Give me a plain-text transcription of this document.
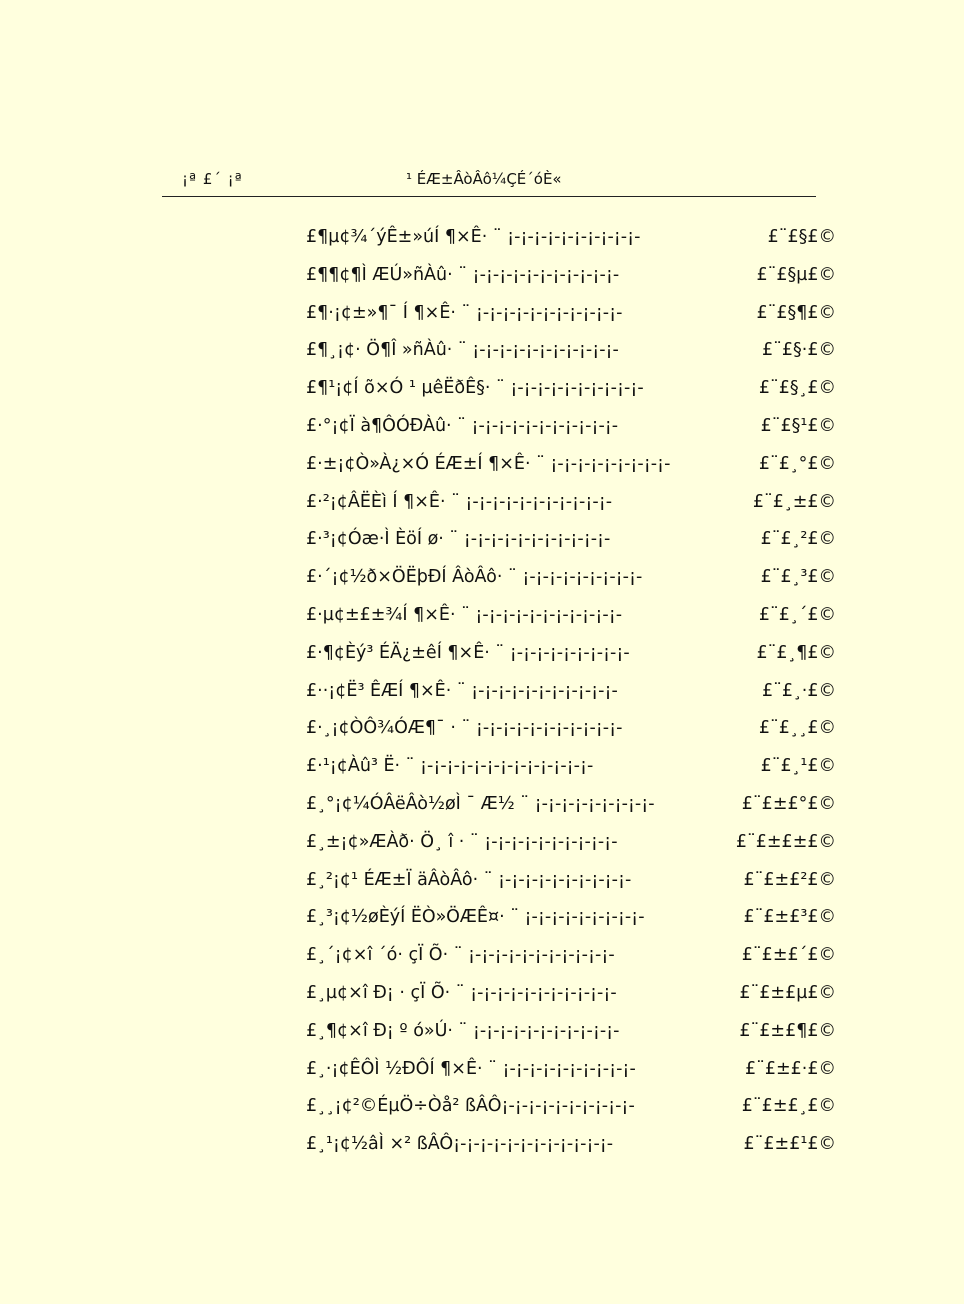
¡ª £´ ¡ª	¹ ÉÆ±ÂòÂô¼ÇÉ´óÈ«
£¶µ¢¾´ýÊ±»úÍ ¶×Ê· ¨ ¡-¡-¡-¡-¡-¡-¡-¡-¡-¡-	£¨£§£©
£¶¶¢¶Ì ÆÚ»ñÀû· ¨ ¡-¡-¡-¡-¡-¡-¡-¡-¡-¡-¡-	£¨£§µ£©
£¶·¡¢±»¶¯ Í ¶×Ê· ¨ ¡-¡-¡-¡-¡-¡-¡-¡-¡-¡-¡-	£¨£§¶£©
£¶¸¡¢· Ö¶Î »ñÀû· ¨ ¡-¡-¡-¡-¡-¡-¡-¡-¡-¡-¡-	£¨£§·£©
£¶¹¡¢Í õ×Ó ¹ µêËðÊ§· ¨ ¡-¡-¡-¡-¡-¡-¡-¡-¡-¡-	£¨£§¸£©
£·°¡¢Ï à¶ÔÓÐÀû· ¨ ¡-¡-¡-¡-¡-¡-¡-¡-¡-¡-¡-	£¨£§¹£©
£·±¡¢Ò»À¿×Ó ÉÆ±Í ¶×Ê· ¨ ¡-¡-¡-¡-¡-¡-¡-¡-¡-	£¨£¸°£©
£·²¡¢ÂËÈì Í ¶×Ê· ¨ ¡-¡-¡-¡-¡-¡-¡-¡-¡-¡-¡-	£¨£¸±£©
£·³¡¢Óæ·Ì ÈöÍ ø· ¨ ¡-¡-¡-¡-¡-¡-¡-¡-¡-¡-¡-	£¨£¸²£©
£·´¡¢½ð×ÖËþÐÍ ÂòÂô· ¨ ¡-¡-¡-¡-¡-¡-¡-¡-¡-	£¨£¸³£©
£·µ¢±£±¾Í ¶×Ê· ¨ ¡-¡-¡-¡-¡-¡-¡-¡-¡-¡-¡-	£¨£¸´£©
£·¶¢Èý³ ÉÄ¿±êÍ ¶×Ê· ¨ ¡-¡-¡-¡-¡-¡-¡-¡-¡-	£¨£¸¶£©
£··¡¢Ë³ ÊÆÍ ¶×Ê· ¨ ¡-¡-¡-¡-¡-¡-¡-¡-¡-¡-¡-	£¨£¸·£©
£·¸¡¢ÒÔ¾ÓÆ¶¯ · ¨ ¡-¡-¡-¡-¡-¡-¡-¡-¡-¡-¡-	£¨£¸¸£©
£·¹¡¢Àû³ Ë· ¨ ¡-¡-¡-¡-¡-¡-¡-¡-¡-¡-¡-¡-¡-	£¨£¸¹£©
£¸°¡¢¼ÓÂëÂò½øÌ ¯ Æ½ ¨ ¡-¡-¡-¡-¡-¡-¡-¡-¡-	£¨£±£°£©
£¸±¡¢»ÆÀð· Ö¸ î · ¨ ¡-¡-¡-¡-¡-¡-¡-¡-¡-¡-	£¨£±£±£©
£¸²¡¢¹ ÉÆ±Ï äÂòÂô· ¨ ¡-¡-¡-¡-¡-¡-¡-¡-¡-¡-	£¨£±£²£©
£¸³¡¢½øÈýÍ ËÒ»ÖÆÊ¤· ¨ ¡-¡-¡-¡-¡-¡-¡-¡-¡-	£¨£±£³£©
£¸´¡¢×î ´ó· çÏ Õ· ¨ ¡-¡-¡-¡-¡-¡-¡-¡-¡-¡-¡-	£¨£±£´£©
£¸µ¢×î Ð¡ · çÏ Õ· ¨ ¡-¡-¡-¡-¡-¡-¡-¡-¡-¡-¡-	£¨£±£µ£©
£¸¶¢×î Ð¡ º ó»Ú· ¨ ¡-¡-¡-¡-¡-¡-¡-¡-¡-¡-¡-	£¨£±£¶£©
£¸·¡¢ÊÔÌ ½ÐÔÍ ¶×Ê· ¨ ¡-¡-¡-¡-¡-¡-¡-¡-¡-¡-	£¨£±£·£©
£¸¸¡¢²©ÉµÖ÷Òå² ßÂÔ¡-¡-¡-¡-¡-¡-¡-¡-¡-¡-	£¨£±£¸£©
£¸¹¡¢½âÌ ×² ßÂÔ¡-¡-¡-¡-¡-¡-¡-¡-¡-¡-¡-¡-	£¨£±£¹£©
